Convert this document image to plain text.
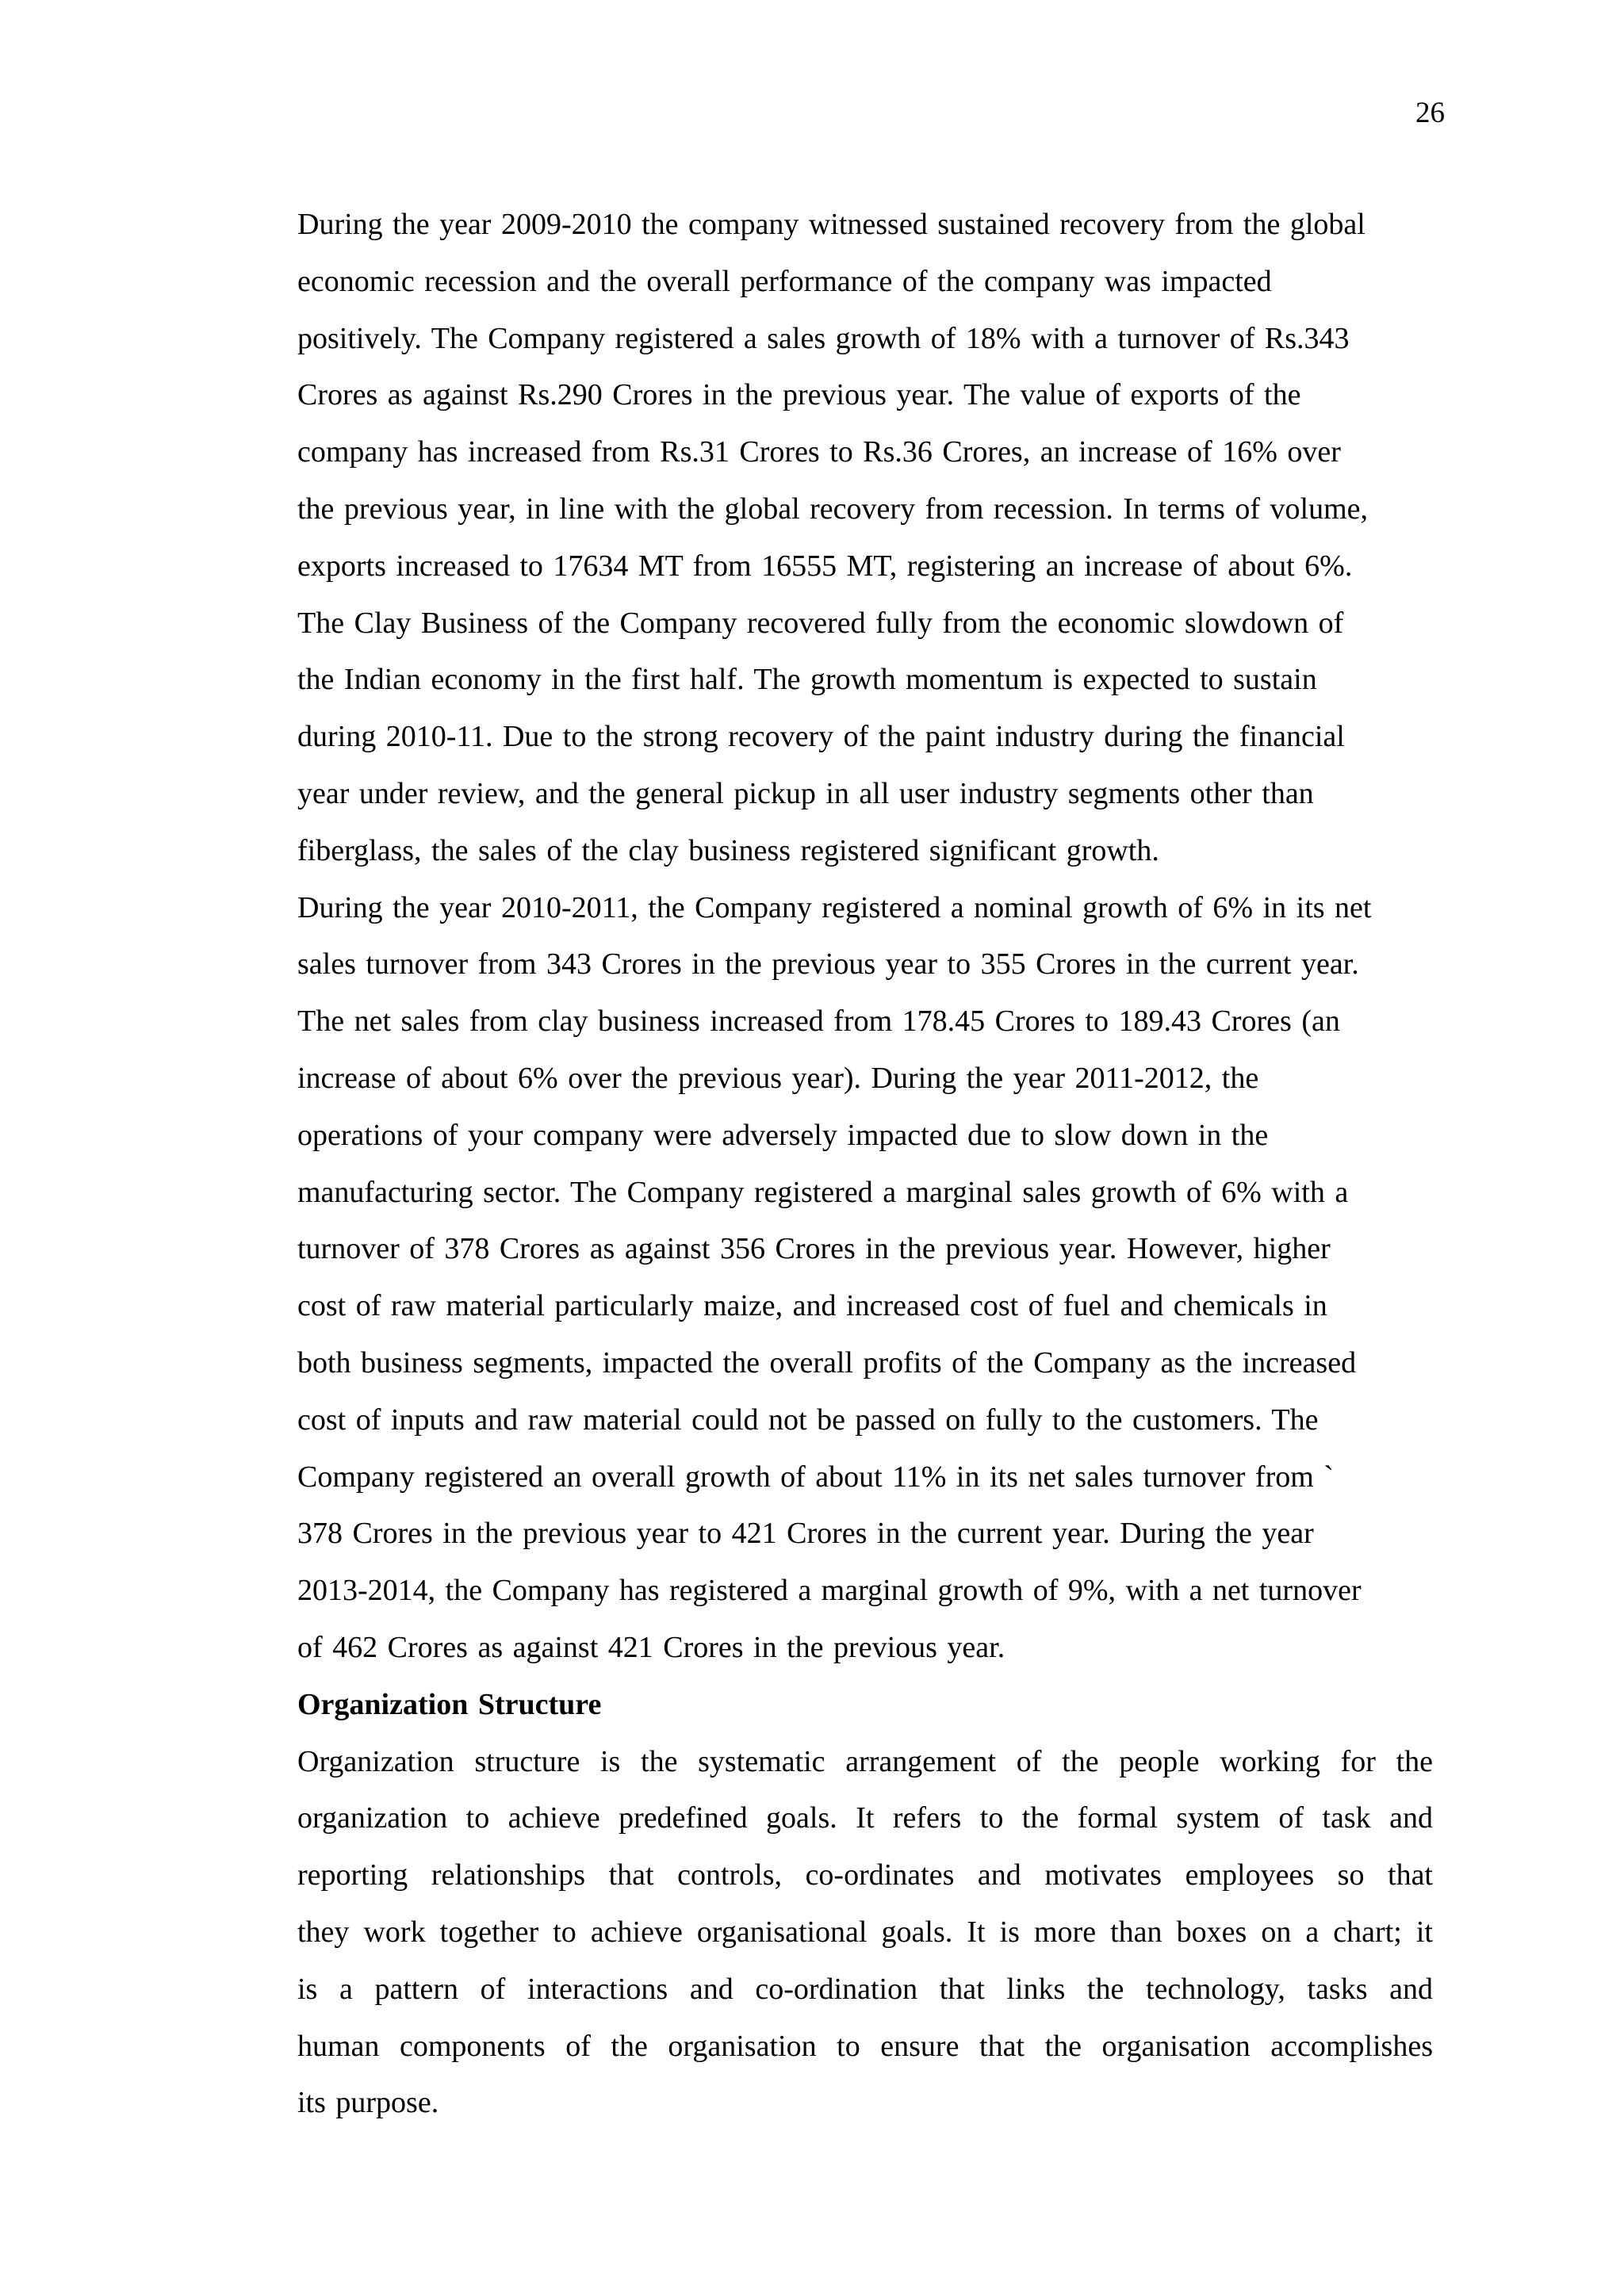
26
During the year 2009-2010 the company witnessed sustained recovery from the global
economic recession and the overall performance of the company was impacted
positively. The Company registered a sales growth of 18% with a turnover of Rs.343
Crores as against Rs.290 Crores in the previous year. The value of exports of the
company has increased from Rs.31 Crores to Rs.36 Crores, an increase of 16% over
the previous year, in line with the global recovery from recession. In terms of volume,
exports increased to 17634 MT from 16555 MT, registering an increase of about 6%.
The Clay Business of the Company recovered fully from the economic slowdown of
the Indian economy in the first half. The growth momentum is expected to sustain
during 2010-11. Due to the strong recovery of the paint industry during the financial
year under review, and the general pickup in all user industry segments other than
fiberglass, the sales of the clay business registered significant growth.
During the year 2010-2011, the Company registered a nominal growth of 6% in its net
sales turnover from 343 Crores in the previous year to 355 Crores in the current year.
The net sales from clay business increased from 178.45 Crores to 189.43 Crores (an
increase of about 6% over the previous year). During the year 2011-2012, the
operations of your company were adversely impacted due to slow down in the
manufacturing sector. The Company registered a marginal sales growth of 6% with a
turnover of 378 Crores as against 356 Crores in the previous year. However, higher
cost of raw material particularly maize, and increased cost of fuel and chemicals in
both business segments, impacted the overall profits of the Company as the increased
cost of inputs and raw material could not be passed on fully to the customers. The
Company registered an overall growth of about 11% in its net sales turnover from `
378 Crores in the previous year to 421 Crores in the current year. During the year
2013-2014, the Company has registered a marginal growth of 9%, with a net turnover
of 462 Crores as against 421 Crores in the previous year.
Organization Structure
Organization structure is the systematic arrangement of the people working for the
organization to achieve predefined goals. It refers to the formal system of task and
reporting relationships that controls, co-ordinates and motivates employees so that
they work together to achieve organisational goals. It is more than boxes on a chart; it
is a pattern of interactions and co-ordination that links the technology, tasks and
human components of the organisation to ensure that the organisation accomplishes
its purpose.
